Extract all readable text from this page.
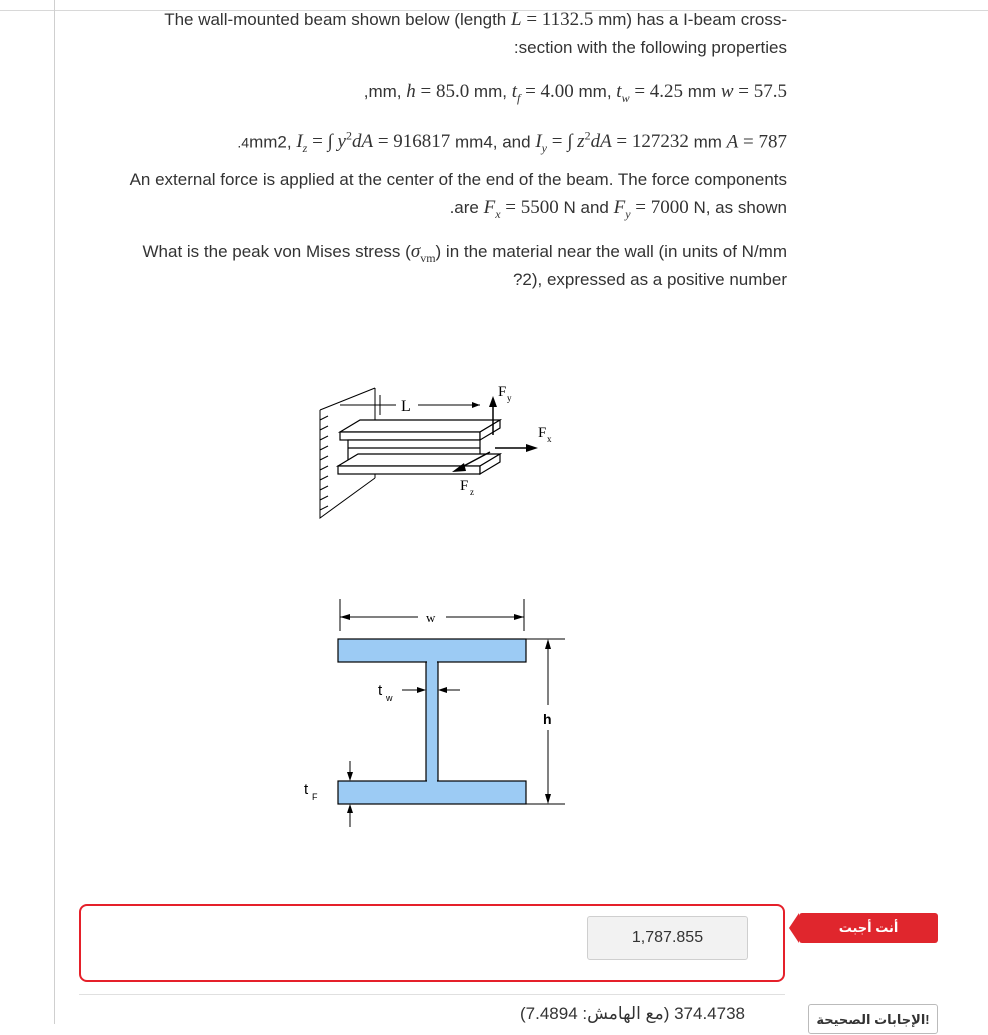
The wall-mounted beam shown below (length L = 1132.5 mm) has a I-beam cross-
:section with the following properties
,mm, h = 85.0 mm, $t_f = 4.00$ mm, $t_w = 4.25$ mm w = 57.5
.4mm2, $I_z$ = ∫ $y^2dA = 916817$ mm4, and $I_y$ = ∫ $z^2dA = 127232$ mm A = 787
An external force is applied at the center of the end of the beam. The force components
.are $F_x = 5500$ N and $F_y = 7000$ N, as shown
What is the peak von Mises stress $(\sigma_{vm})$ in the material near the wall (in units of N/mm
?2), expressed as a positive number
L
F y
F x
F z
w
h
t w
t F
1,787.855
أنت أجبت
374.4738 (مع الهامش: 7.4894)	الإجابات الصحيحة!
